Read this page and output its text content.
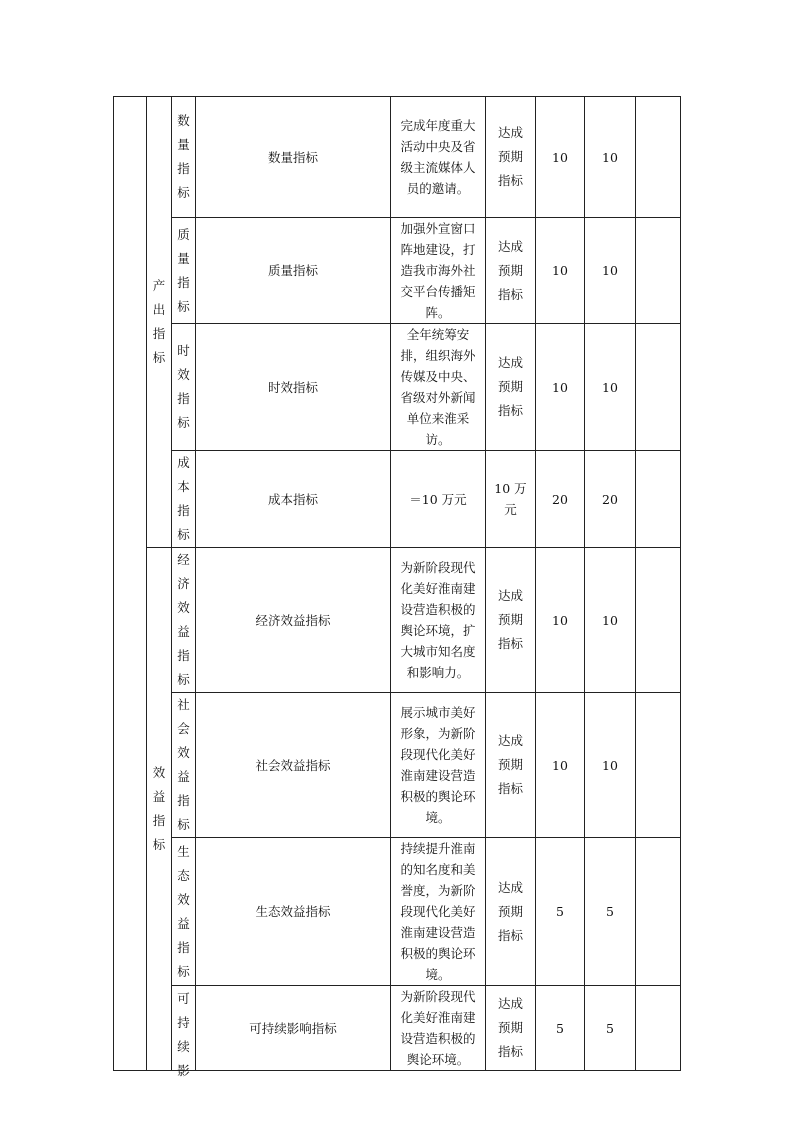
	产出指标	数量指标	数量指标	完成年度重大活动中央及省级主流媒体人员的邀请。	达成预期指标	10	10	

		质量指标	质量指标	加强外宣窗口阵地建设，打造我市海外社交平台传播矩阵。	达成预期指标	10	10	

		时效指标	时效指标	全年统筹安排，组织海外传媒及中央、省级对外新闻单位来淮采访。	达成预期指标	10	10	

		成本指标	成本指标	＝10 万元	10 万元	20	20	

	效益指标	经济效益指标	经济效益指标	为新阶段现代化美好淮南建设营造积极的舆论环境，扩大城市知名度和影响力。	达成预期指标	10	10	

		社会效益指标	社会效益指标	展示城市美好形象，为新阶段现代化美好淮南建设营造积极的舆论环境。	达成预期指标	10	10	

		生态效益指标	生态效益指标	持续提升淮南的知名度和美誉度，为新阶段现代化美好淮南建设营造积极的舆论环境。	达成预期指标	5	5	

		可持续影	可持续影响指标	为新阶段现代化美好淮南建设营造积极的舆论环境。	达成预期指标	5	5	
